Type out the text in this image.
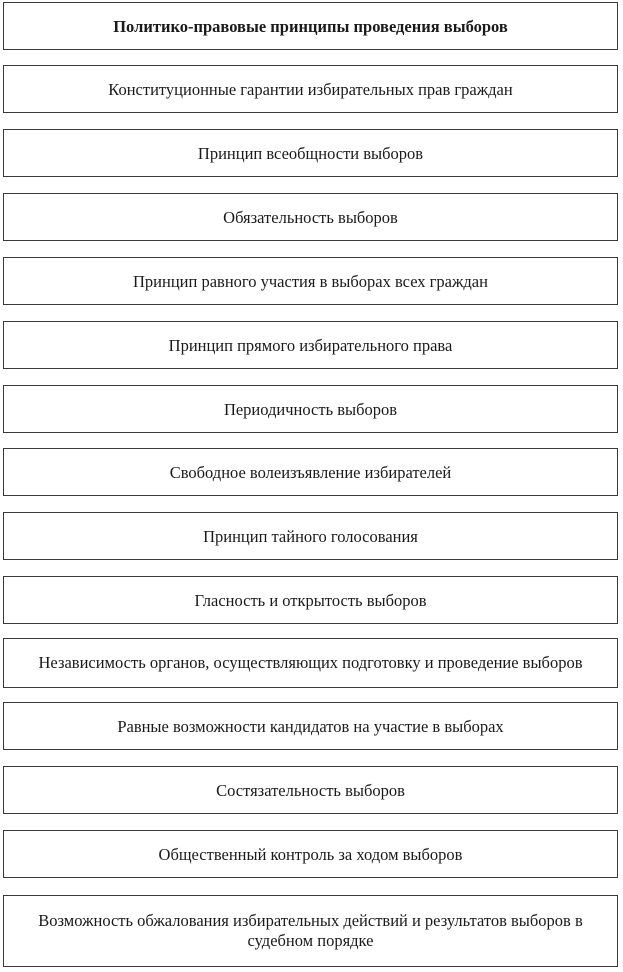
Политико-правовые принципы проведения выборов
Конституционные гарантии избирательных прав граждан
Принцип всеобщности выборов
Обязательность выборов
Принцип равного участия в выборах всех граждан
Принцип прямого избирательного права
Периодичность выборов
Свободное волеизъявление избирателей
Принцип тайного голосования
Гласность и открытость выборов
Независимость органов, осуществляющих подготовку и проведение выборов
Равные возможности кандидатов на участие в выборах
Состязательность выборов
Общественный контроль за ходом выборов
Возможность обжалования избирательных действий и результатов выборов в судебном порядке
